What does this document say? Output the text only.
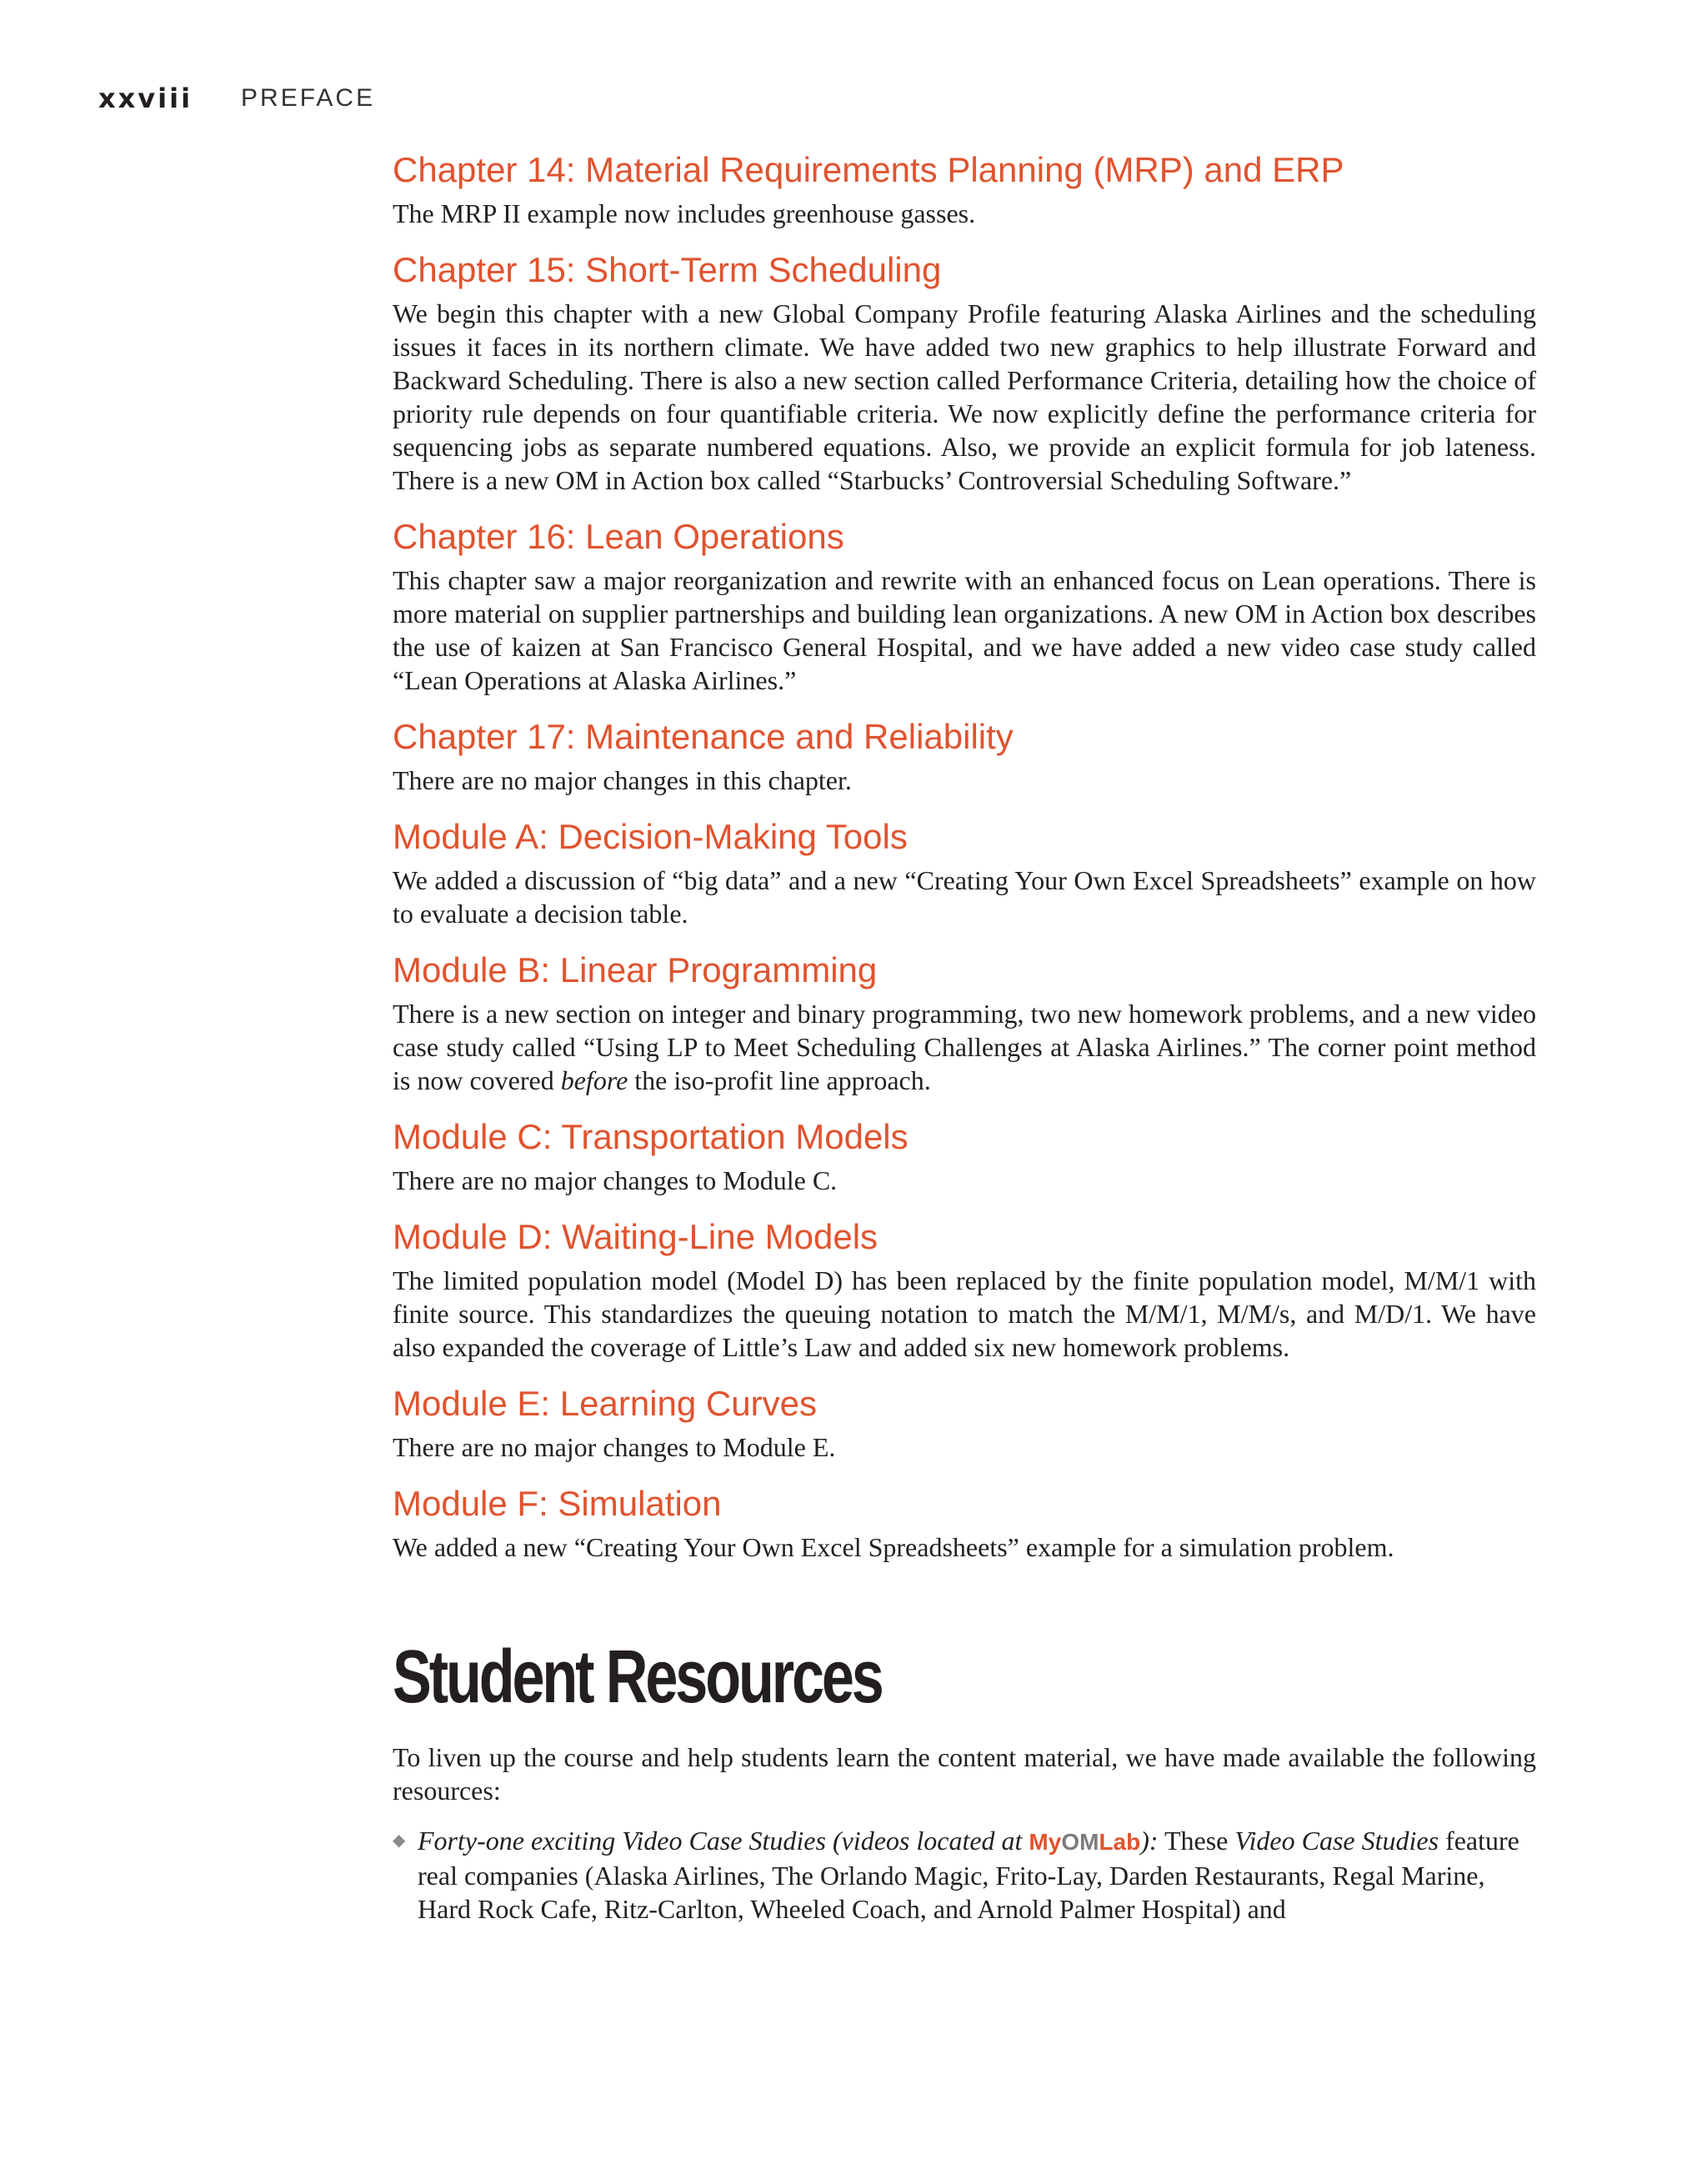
xxviii PREFACE
Chapter 14: Material Requirements Planning (MRP) and ERP

The MRP II example now includes greenhouse gasses.

Chapter 15: Short-Term Scheduling

We begin this chapter with a new Global Company Profile featuring Alaska Airlines and the scheduling issues it faces in its northern climate. We have added two new graphics to help illustrate Forward and Backward Scheduling. There is also a new section called Performance Criteria, detailing how the choice of priority rule depends on four quantifiable criteria. We now explicitly define the performance criteria for sequencing jobs as separate numbered equations. Also, we provide an explicit formula for job lateness. There is a new OM in Action box called “Starbucks’ Controversial Scheduling Software.”

Chapter 16: Lean Operations

This chapter saw a major reorganization and rewrite with an enhanced focus on Lean operations. There is more material on supplier partnerships and building lean organizations. A new OM in Action box describes the use of kaizen at San Francisco General Hospital, and we have added a new video case study called “Lean Operations at Alaska Airlines.”

Chapter 17: Maintenance and Reliability

There are no major changes in this chapter.

Module A: Decision-Making Tools

We added a discussion of “big data” and a new “Creating Your Own Excel Spreadsheets” example on how to evaluate a decision table.

Module B: Linear Programming

There is a new section on integer and binary programming, two new homework problems, and a new video case study called “Using LP to Meet Scheduling Challenges at Alaska Airlines.” The corner point method is now covered before the iso-profit line approach.

Module C: Transportation Models

There are no major changes to Module C.

Module D: Waiting-Line Models

The limited population model (Model D) has been replaced by the finite population model, M/M/1 with finite source. This standardizes the queuing notation to match the M/M/1, M/M/s, and M/D/1. We have also expanded the coverage of Little’s Law and added six new homework problems.

Module E: Learning Curves

There are no major changes to Module E.

Module F: Simulation

We added a new “Creating Your Own Excel Spreadsheets” example for a simulation problem.

Student Resources

To liven up the course and help students learn the content material, we have made available the following resources:

◆ Forty-one exciting Video Case Studies (videos located at MyOMLab): These Video Case Studies feature real companies (Alaska Airlines, The Orlando Magic, Frito-Lay, Darden Restaurants, Regal Marine, Hard Rock Cafe, Ritz-Carlton, Wheeled Coach, and Arnold Palmer Hospital) and
